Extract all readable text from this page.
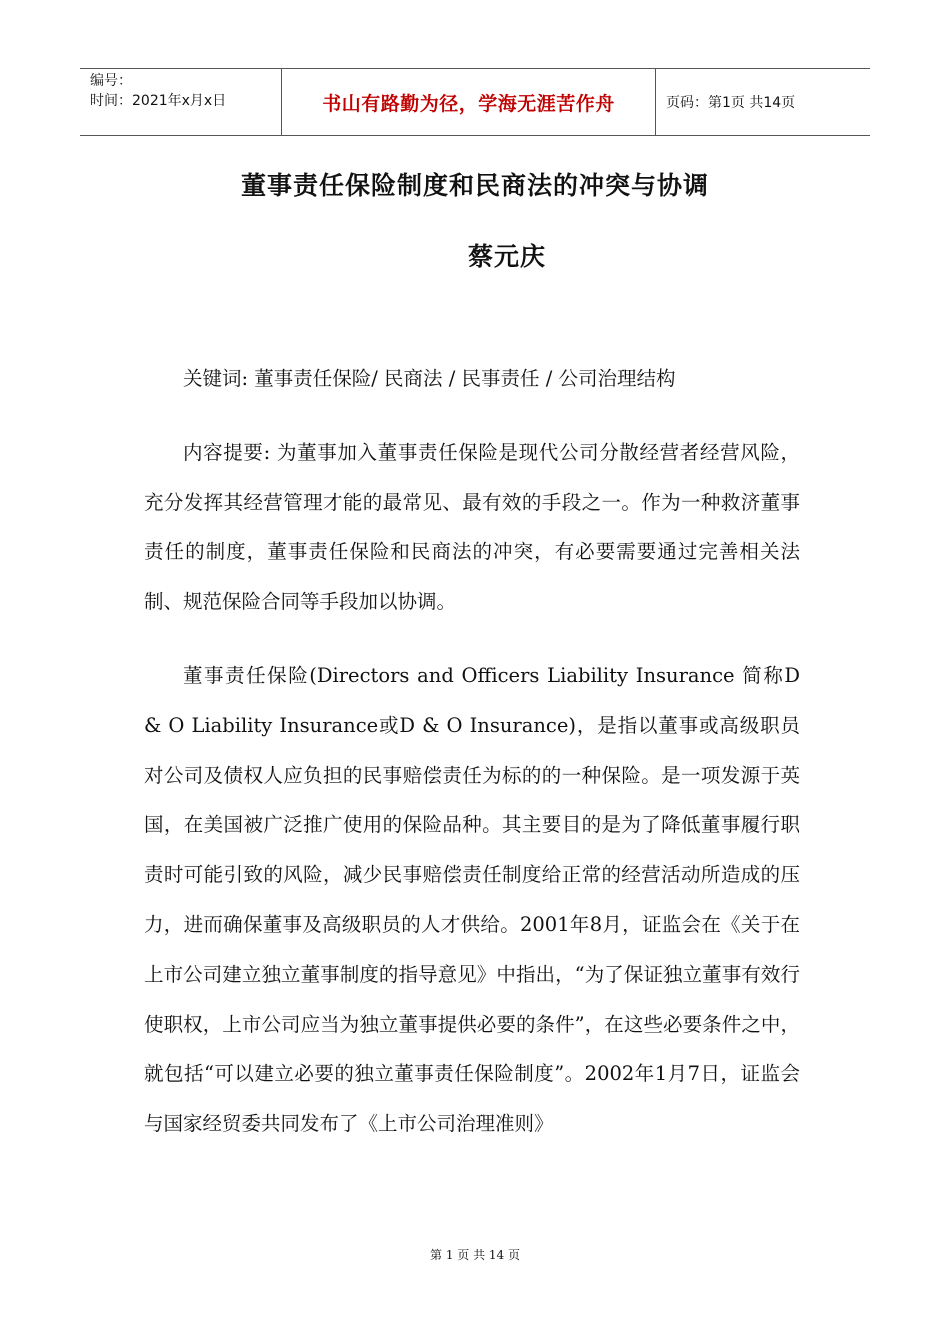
编号：
时间：2021年x月x日	书山有路勤为径，学海无涯苦作舟	页码：第1页 共14页
董事责任保险制度和民商法的冲突与协调
蔡元庆

关键词: 董事责任保险/ 民商法 / 民事责任 / 公司治理结构

内容提要: 为董事加入董事责任保险是现代公司分散经营者经营风险，充分发挥其经营管理才能的最常见、最有效的手段之一。作为一种救济董事责任的制度，董事责任保险和民商法的冲突，有必要需要通过完善相关法制、规范保险合同等手段加以协调。

董事责任保险(Directors and Officers Liability Insurance 简称D & O Liability Insurance或D & O Insurance)，是指以董事或高级职员对公司及债权人应负担的民事赔偿责任为标的的一种保险。是一项发源于英国，在美国被广泛推广使用的保险品种。其主要目的是为了降低董事履行职责时可能引致的风险，减少民事赔偿责任制度给正常的经营活动所造成的压力，进而确保董事及高级职员的人才供给。2001年8月，证监会在《关于在上市公司建立独立董事制度的指导意见》中指出，“为了保证独立董事有效行使职权，上市公司应当为独立董事提供必要的条件”，在这些必要条件之中，就包括“可以建立必要的独立董事责任保险制度”。2002年1月7日，证监会与国家经贸委共同发布了《上市公司治理准则》

第 1 页 共 14 页
